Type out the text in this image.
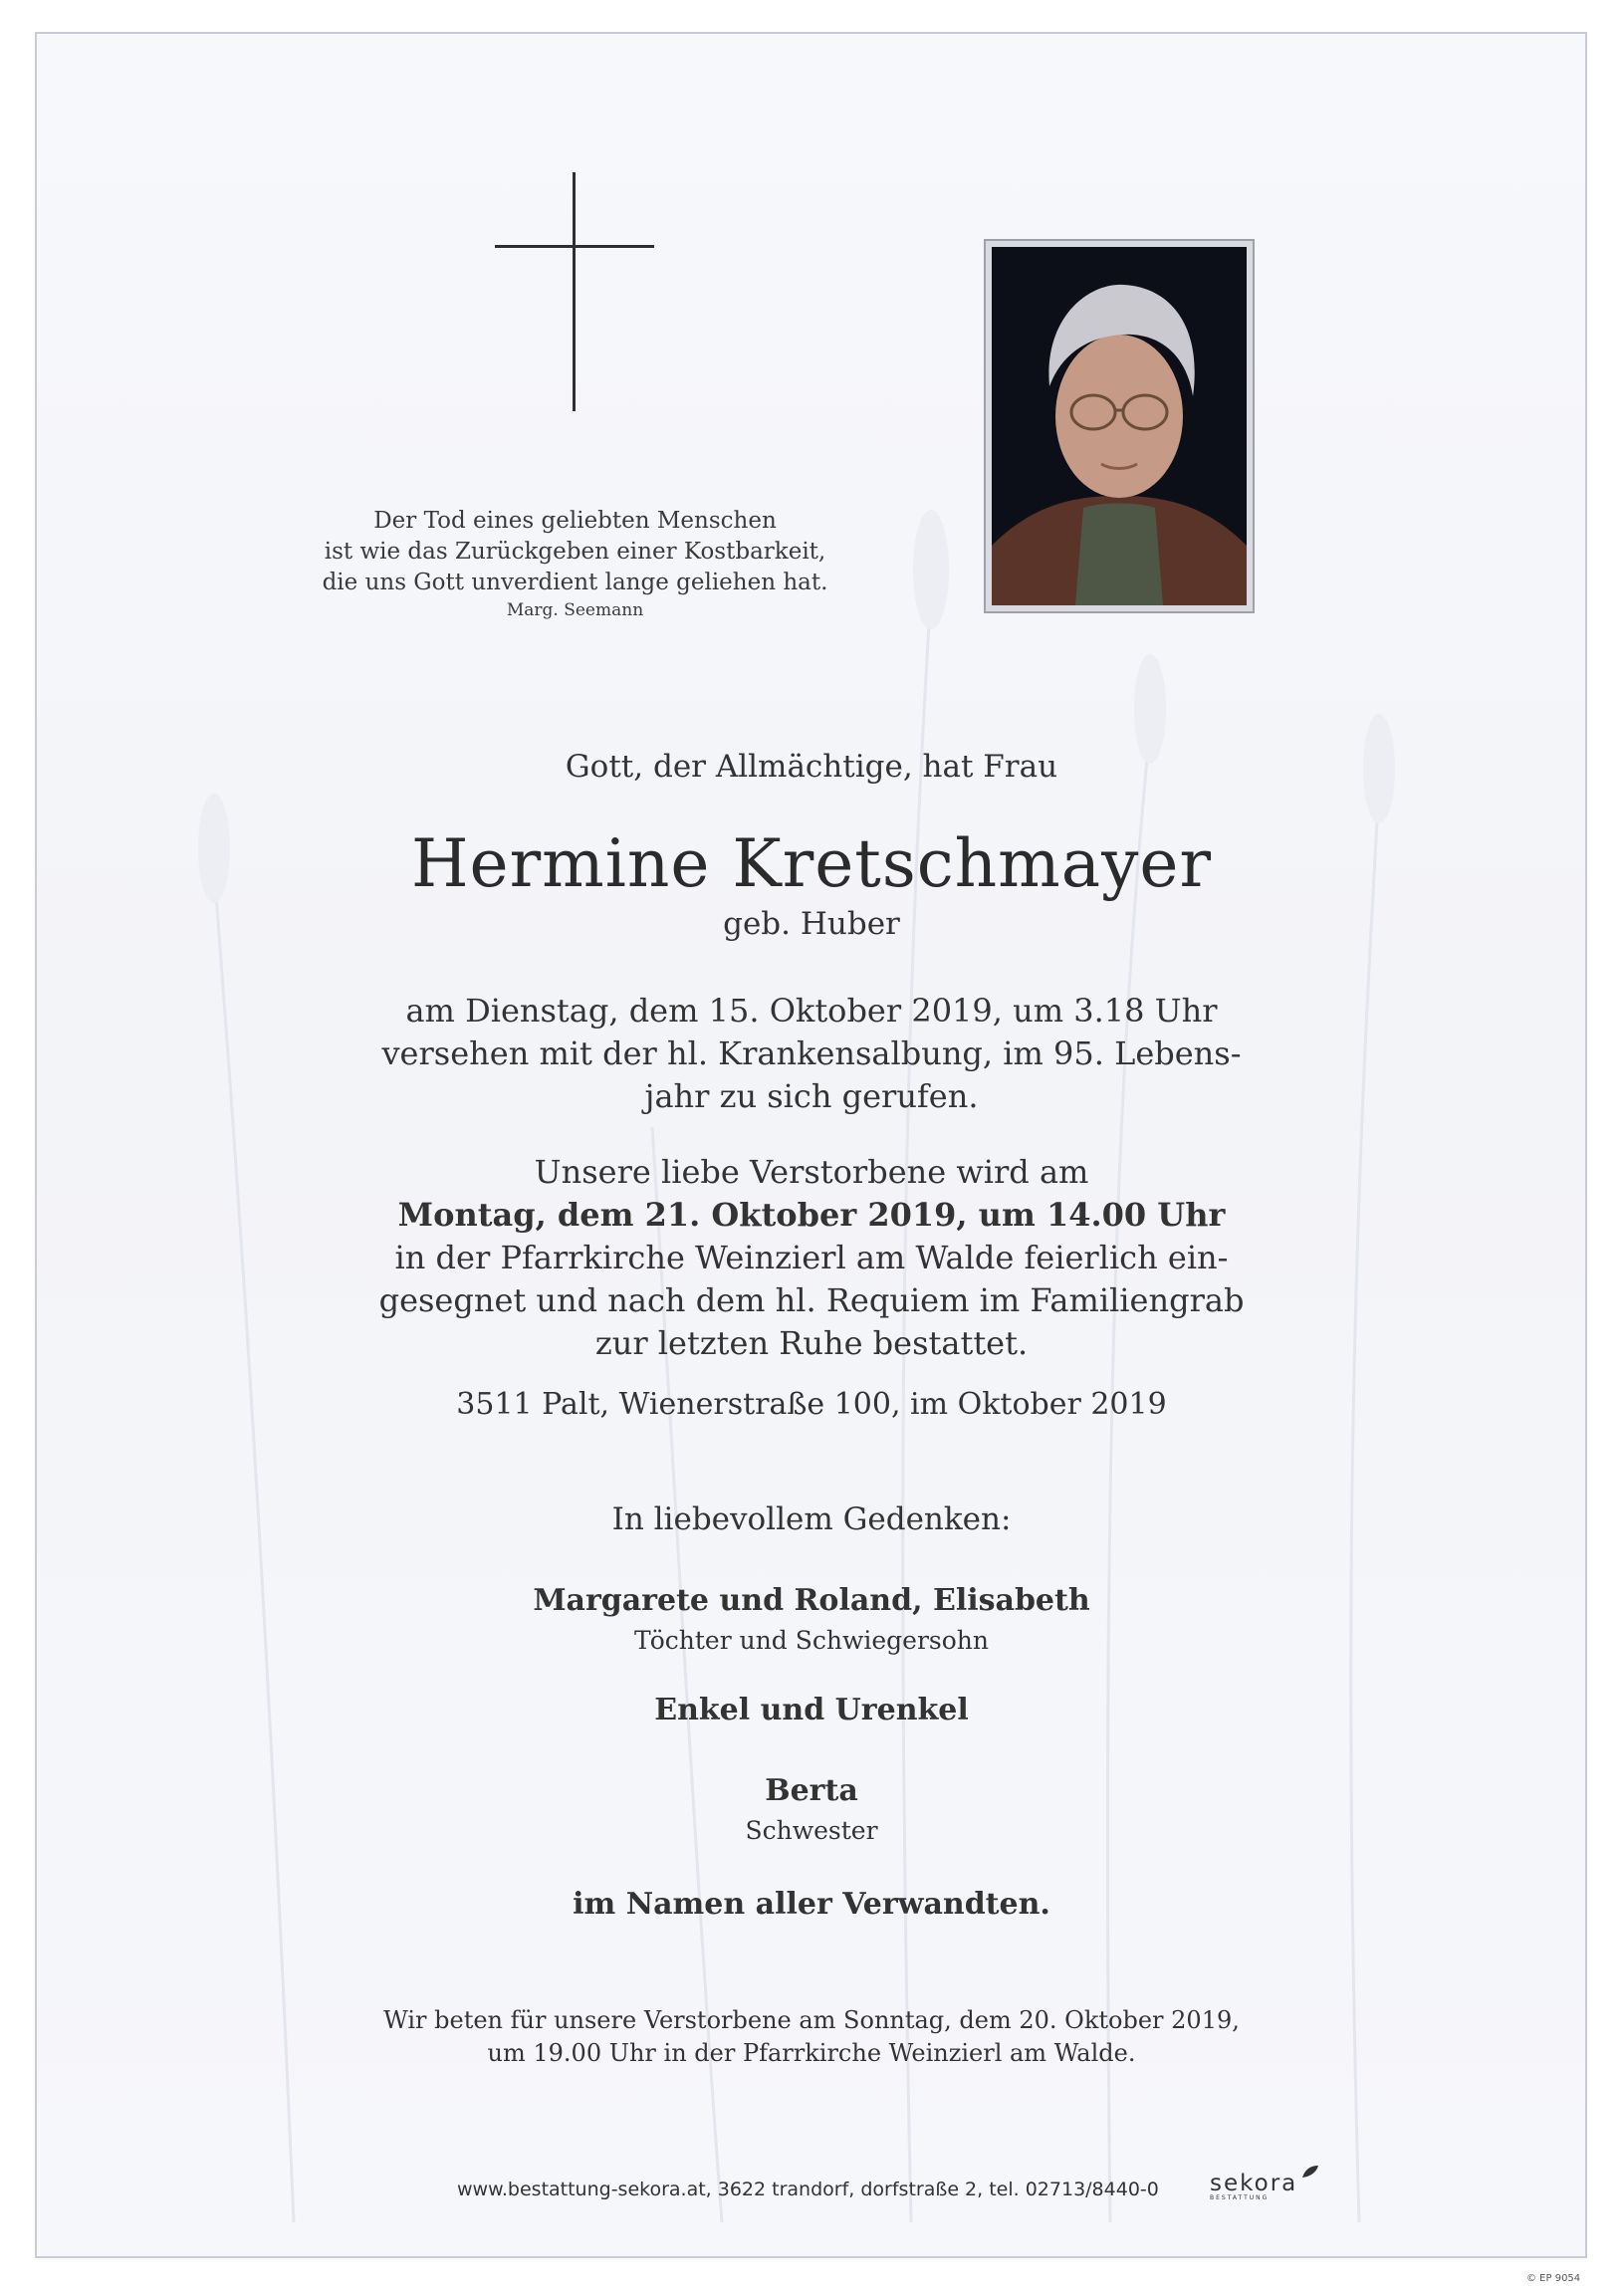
Der Tod eines geliebten Menschen
ist wie das Zurückgeben einer Kostbarkeit,
die uns Gott unverdient lange geliehen hat.
Marg. Seemann
Gott, der Allmächtige, hat Frau
Hermine Kretschmayer
geb. Huber
am Dienstag, dem 15. Oktober 2019, um 3.18 Uhr
versehen mit der hl. Krankensalbung, im 95. Lebens-
jahr zu sich gerufen.
Unsere liebe Verstorbene wird am
Montag, dem 21. Oktober 2019, um 14.00 Uhr
in der Pfarrkirche Weinzierl am Walde feierlich ein-
gesegnet und nach dem hl. Requiem im Familiengrab
zur letzten Ruhe bestattet.
3511 Palt, Wienerstraße 100, im Oktober 2019
In liebevollem Gedenken:
Margarete und Roland, Elisabeth
Töchter und Schwiegersohn
Enkel und Urenkel
Berta
Schwester
im Namen aller Verwandten.
Wir beten für unsere Verstorbene am Sonntag, dem 20. Oktober 2019,
um 19.00 Uhr in der Pfarrkirche Weinzierl am Walde.
www.bestattung-sekora.at, 3622 trandorf, dorfstraße 2, tel. 02713/8440-0 sekora
BESTATTUNG
© EP 9054
